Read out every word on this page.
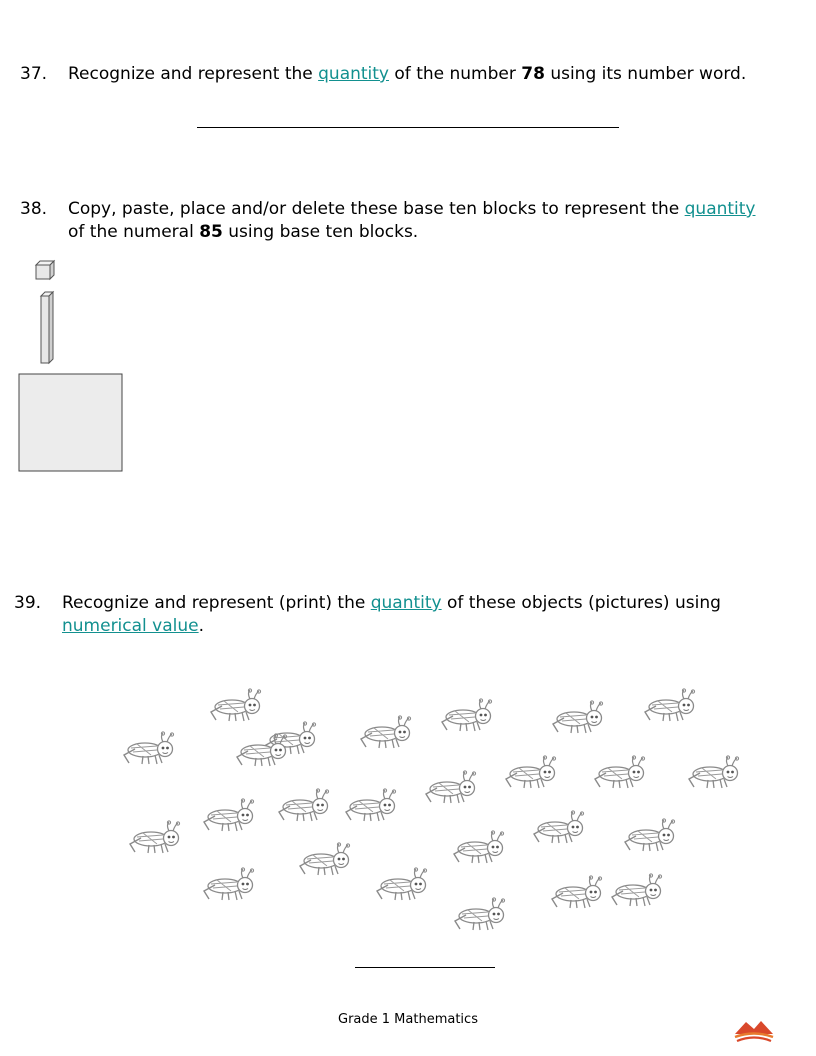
37. Recognize and represent the quantity of the number 78 using its number word.
38. Copy, paste, place and/or delete these base ten blocks to represent the quantity
of the numeral 85 using base ten blocks.
39. Recognize and represent (print) the quantity of these objects (pictures) using
numerical value.
Grade 1 Mathematics
